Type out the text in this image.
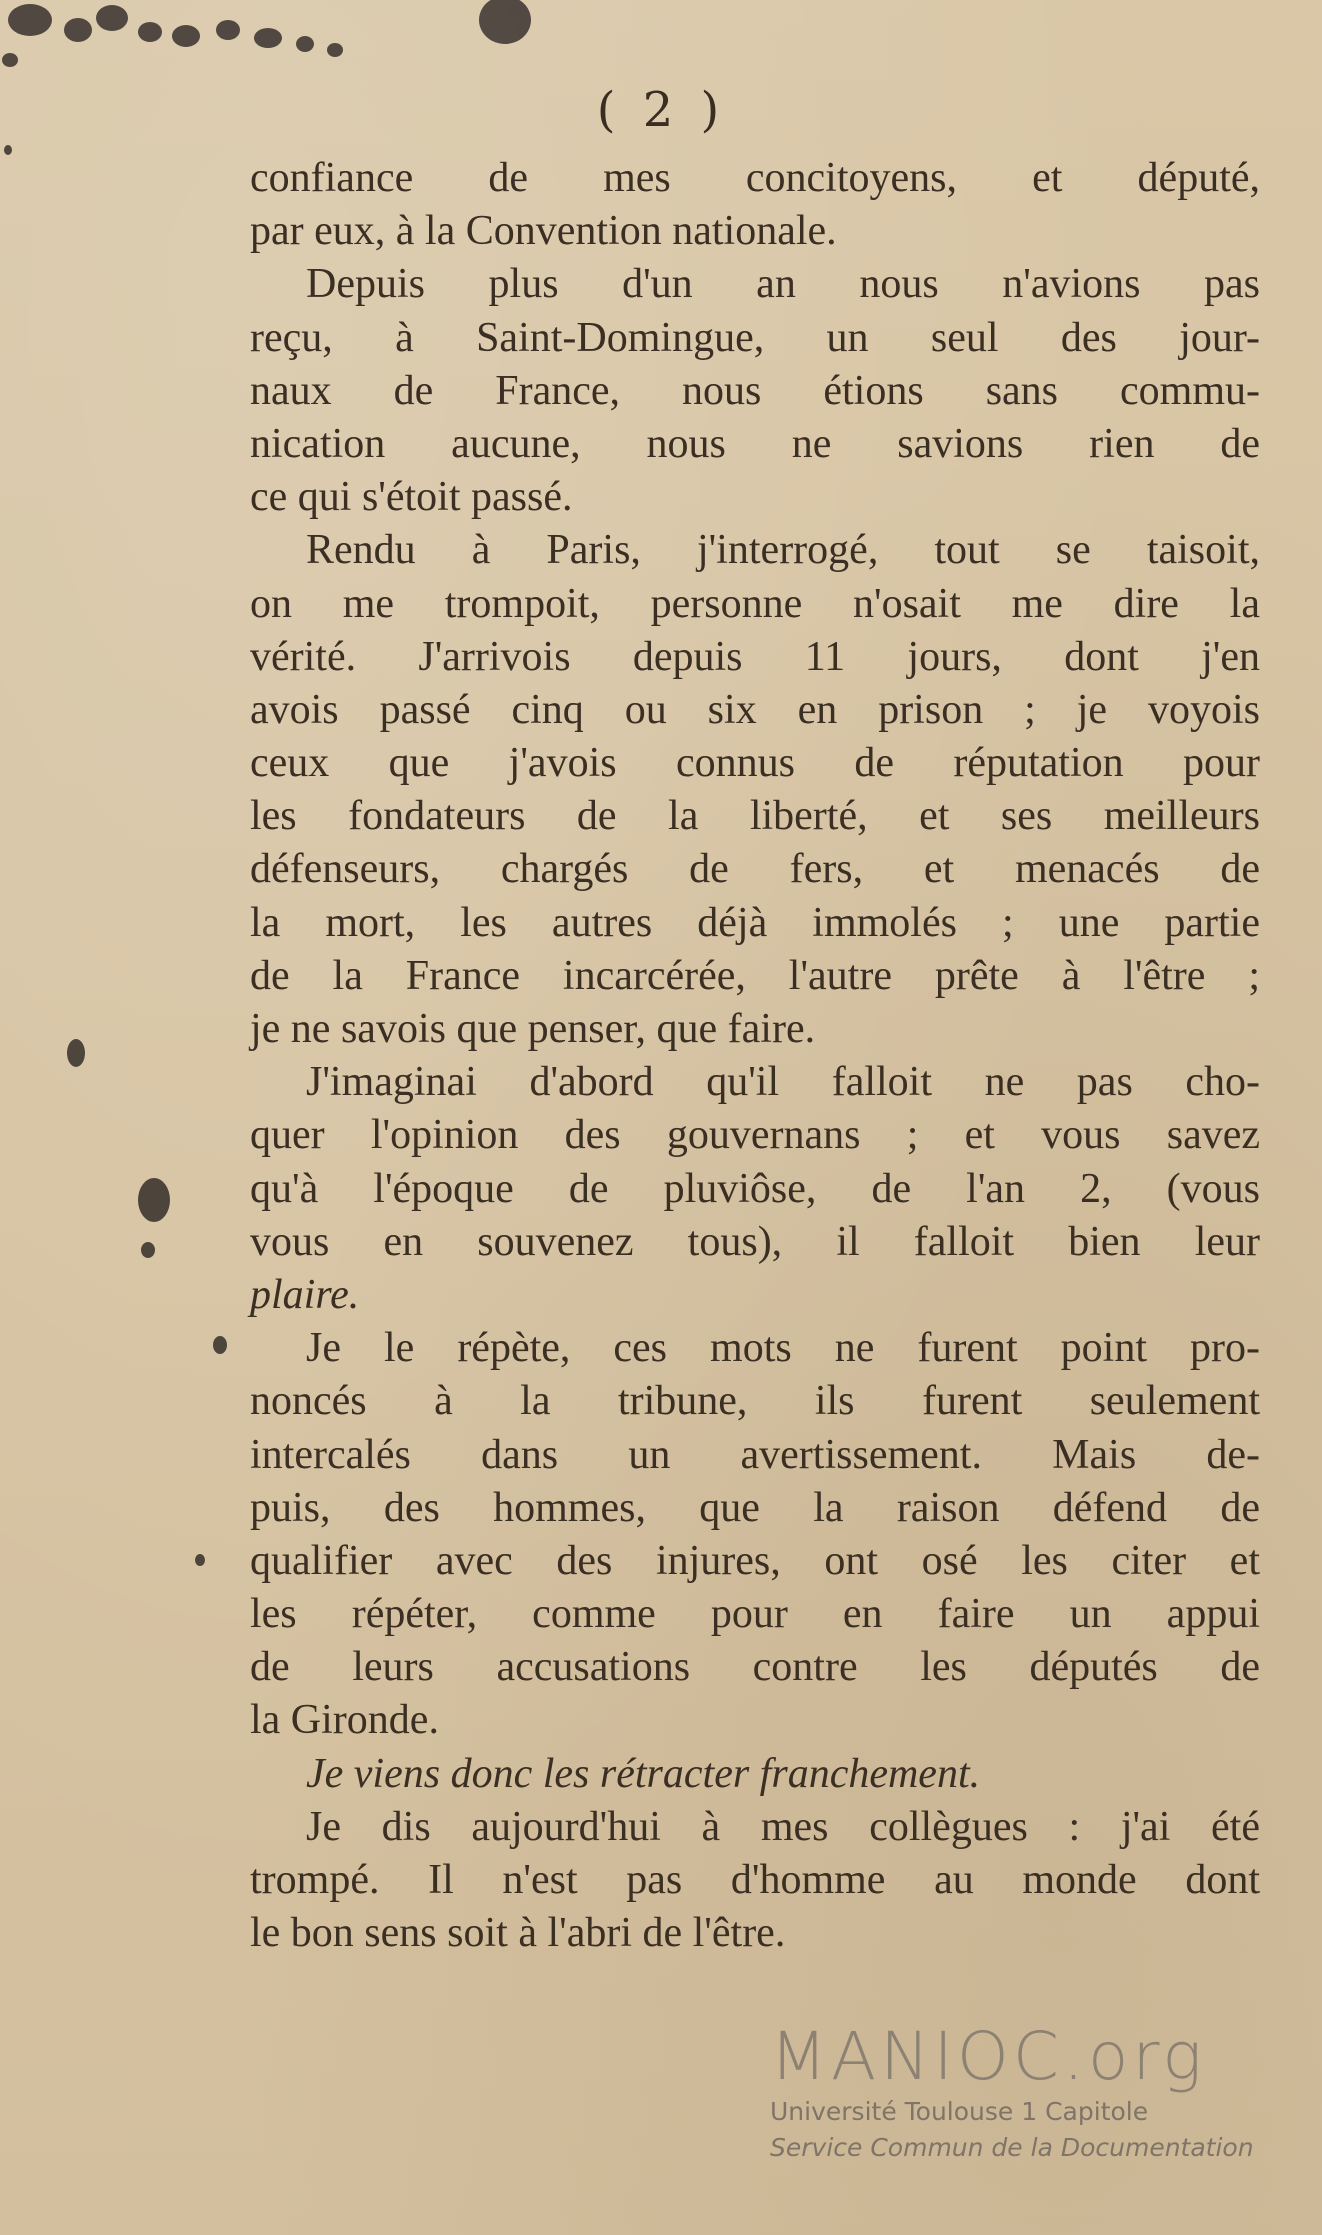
( 2 )
confiance de mes concitoyens, et député,
par eux, à la Convention nationale.
Depuis plus d'un an nous n'avions pas
reçu, à Saint-Domingue, un seul des jour-
naux de France, nous étions sans commu-
nication aucune, nous ne savions rien de
ce qui s'étoit passé.
Rendu à Paris, j'interrogé, tout se taisoit,
on me trompoit, personne n'osait me dire la
vérité. J'arrivois depuis 11 jours, dont j'en
avois passé cinq ou six en prison ; je voyois
ceux que j'avois connus de réputation pour
les fondateurs de la liberté, et ses meilleurs
défenseurs, chargés de fers, et menacés de
la mort, les autres déjà immolés ; une partie
de la France incarcérée, l'autre prête à l'être ;
je ne savois que penser, que faire.
J'imaginai d'abord qu'il falloit ne pas cho-
quer l'opinion des gouvernans ; et vous savez
qu'à l'époque de pluviôse, de l'an 2, (vous
vous en souvenez tous), il falloit bien leur
plaire.
Je le répète, ces mots ne furent point pro-
noncés à la tribune, ils furent seulement
intercalés dans un avertissement. Mais de-
puis, des hommes, que la raison défend de
qualifier avec des injures, ont osé les citer et
les répéter, comme pour en faire un appui
de leurs accusations contre les députés de
la Gironde.
Je viens donc les rétracter franchement.
Je dis aujourd'hui à mes collègues : j'ai été
trompé. Il n'est pas d'homme au monde dont
le bon sens soit à l'abri de l'être.
MANIOC.org
Université Toulouse 1 Capitole
Service Commun de la Documentation
